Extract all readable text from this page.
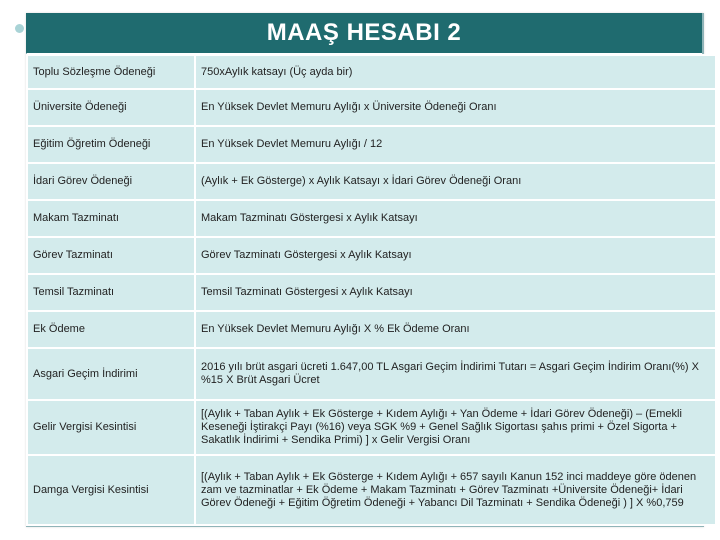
MAAŞ HESABI 2
Toplu Sözleşme Ödeneği	750xAylık katsayı (Üç ayda bir)
Üniversite Ödeneği	En Yüksek Devlet Memuru Aylığı x Üniversite Ödeneği Oranı
Eğitim Öğretim Ödeneği	En Yüksek Devlet Memuru Aylığı / 12
İdari Görev Ödeneği	(Aylık + Ek Gösterge) x Aylık Katsayı x İdari Görev Ödeneği Oranı
Makam Tazminatı	Makam Tazminatı Göstergesi x Aylık Katsayı
Görev Tazminatı	Görev Tazminatı Göstergesi x Aylık Katsayı
Temsil Tazminatı	Temsil Tazminatı Göstergesi x Aylık Katsayı
Ek Ödeme	En Yüksek Devlet Memuru Aylığı X % Ek Ödeme Oranı
Asgari Geçim İndirimi	2016 yılı brüt asgari ücreti 1.647,00 TL Asgari Geçim İndirimi Tutarı = Asgari Geçim İndirim Oranı(%) X %15 X Brüt Asgari Ücret
Gelir Vergisi Kesintisi	[(Aylık + Taban Aylık + Ek Gösterge + Kıdem Aylığı + Yan Ödeme + İdari Görev Ödeneği) – (Emekli Keseneği İştirakçi Payı (%16) veya SGK %9 + Genel Sağlık Sigortası şahıs primi + Özel Sigorta + Sakatlık İndirimi + Sendika Primi) ] x Gelir Vergisi Oranı
Damga Vergisi Kesintisi	[(Aylık + Taban Aylık + Ek Gösterge + Kıdem Aylığı + 657 sayılı Kanun 152 inci maddeye göre ödenen zam ve tazminatlar + Ek Ödeme + Makam Tazminatı + Görev Tazminatı +Üniversite Ödeneği+ İdari Görev Ödeneği + Eğitim Öğretim Ödeneği + Yabancı Dil Tazminatı + Sendika Ödeneği ) ] X %0,759
